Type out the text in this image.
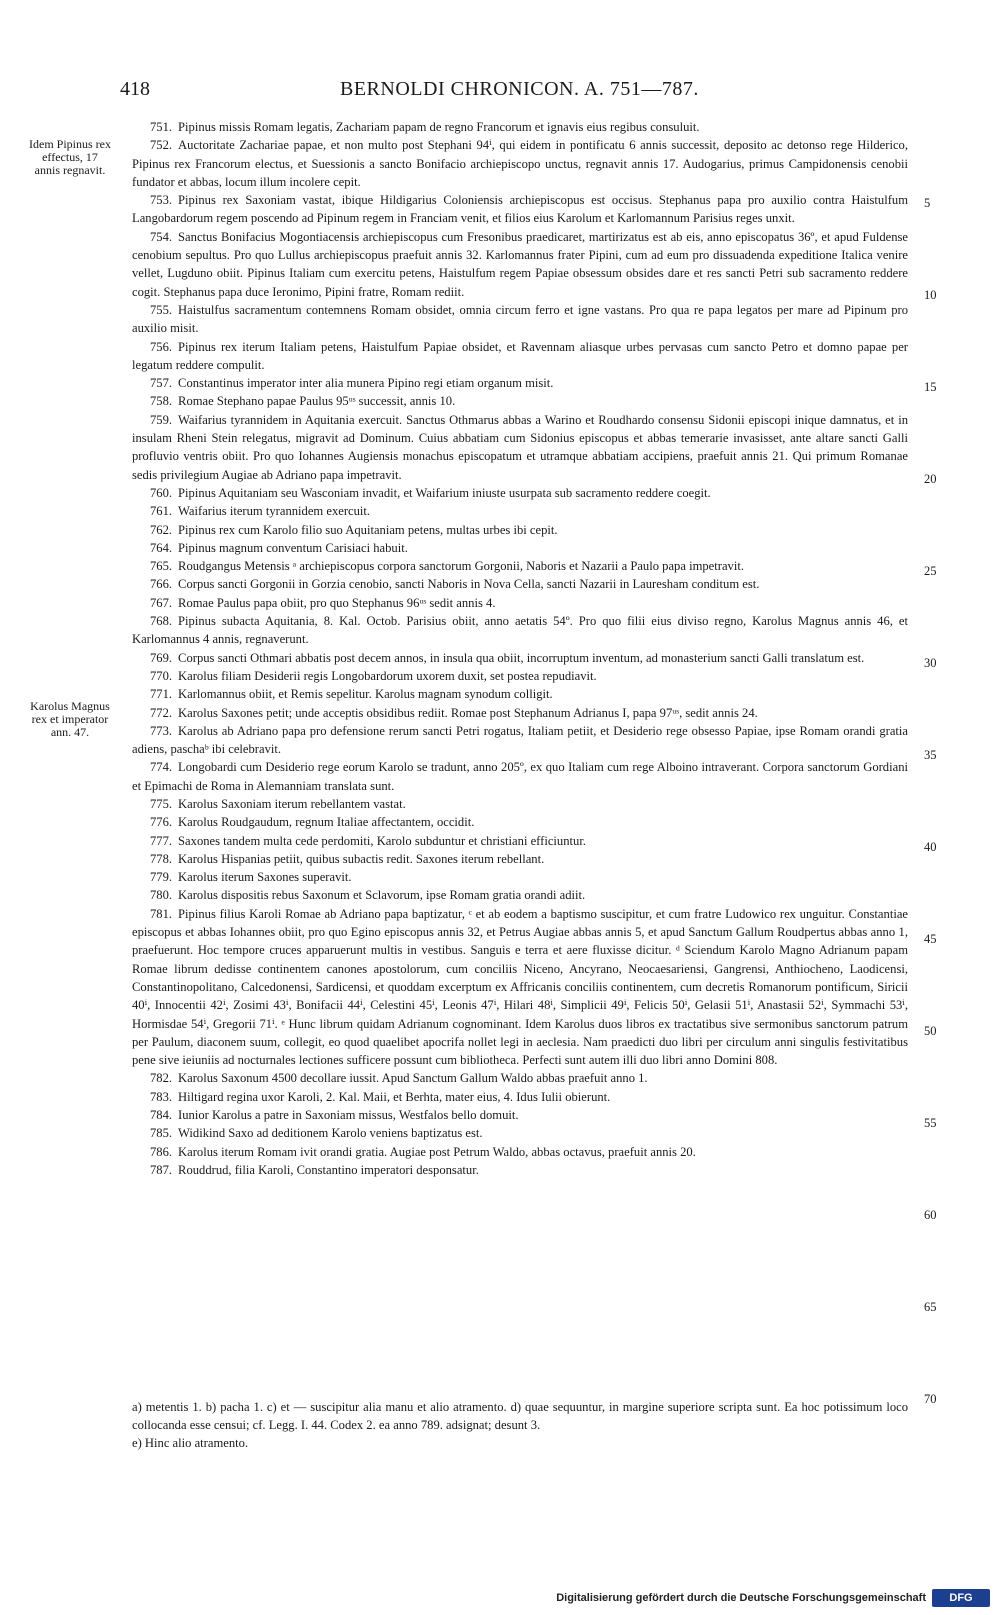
418	BERNOLDI CHRONICON. A. 751—787.
Idem Pipinus rex effectus, 17 annis regnavit.
Karolus Magnus rex et imperator ann. 47.
5
10
15
20
25
30
35
40
45
50
55
60
65
70

751. Pipinus missis Romam legatis, Zachariam papam de regno Francorum et ignavis eius regibus consuluit.

752. Auctoritate Zachariae papae, et non multo post Stephani 94ⁱ, qui eidem in pontificatu 6 annis successit, deposito ac detonso rege Hilderico, Pipinus rex Francorum electus, et Suessionis a sancto Bonifacio archiepiscopo unctus, regnavit annis 17. Audogarius, primus Campidonensis cenobii fundator et abbas, locum illum incolere cepit.

753. Pipinus rex Saxoniam vastat, ibique Hildigarius Coloniensis archiepiscopus est occisus. Stephanus papa pro auxilio contra Haistulfum Langobardorum regem poscendo ad Pipinum regem in Franciam venit, et filios eius Karolum et Karlomannum Parisius reges unxit.

754. Sanctus Bonifacius Mogontiacensis archiepiscopus cum Fresonibus praedicaret, martirizatus est ab eis, anno episcopatus 36º, et apud Fuldense cenobium sepultus. Pro quo Lullus archiepiscopus praefuit annis 32. Karlomannus frater Pipini, cum ad eum pro dissuadenda expeditione Italica venire vellet, Lugduno obiit. Pipinus Italiam cum exercitu petens, Haistulfum regem Papiae obsessum obsides dare et res sancti Petri sub sacramento reddere cogit. Stephanus papa duce Ieronimo, Pipini fratre, Romam rediit.

755. Haistulfus sacramentum contemnens Romam obsidet, omnia circum ferro et igne vastans. Pro qua re papa legatos per mare ad Pipinum pro auxilio misit.

756. Pipinus rex iterum Italiam petens, Haistulfum Papiae obsidet, et Ravennam aliasque urbes pervasas cum sancto Petro et domno papae per legatum reddere compulit.

757. Constantinus imperator inter alia munera Pipino regi etiam organum misit.

758. Romae Stephano papae Paulus 95ᵘˢ successit, annis 10.

759. Waifarius tyrannidem in Aquitania exercuit. Sanctus Othmarus abbas a Warino et Roudhardo consensu Sidonii episcopi inique damnatus, et in insulam Rheni Stein relegatus, migravit ad Dominum. Cuius abbatiam cum Sidonius episcopus et abbas temerarie invasisset, ante altare sancti Galli profluvio ventris obiit. Pro quo Iohannes Augiensis monachus episcopatum et utramque abbatiam accipiens, praefuit annis 21. Qui primum Romanae sedis privilegium Augiae ab Adriano papa impetravit.

760. Pipinus Aquitaniam seu Wasconiam invadit, et Waifarium iniuste usurpata sub sacramento reddere coegit.

761. Waifarius iterum tyrannidem exercuit.

762. Pipinus rex cum Karolo filio suo Aquitaniam petens, multas urbes ibi cepit.

764. Pipinus magnum conventum Carisiaci habuit.

765. Roudgangus Metensis ᵃ archiepiscopus corpora sanctorum Gorgonii, Naboris et Nazarii a Paulo papa impetravit.

766. Corpus sancti Gorgonii in Gorzia cenobio, sancti Naboris in Nova Cella, sancti Nazarii in Lauresham conditum est.

767. Romae Paulus papa obiit, pro quo Stephanus 96ᵘˢ sedit annis 4.

768. Pipinus subacta Aquitania, 8. Kal. Octob. Parisius obiit, anno aetatis 54º. Pro quo filii eius diviso regno, Karolus Magnus annis 46, et Karlomannus 4 annis, regnaverunt.

769. Corpus sancti Othmari abbatis post decem annos, in insula qua obiit, incorruptum inventum, ad monasterium sancti Galli translatum est.

770. Karolus filiam Desiderii regis Longobardorum uxorem duxit, set postea repudiavit.

771. Karlomannus obiit, et Remis sepelitur. Karolus magnam synodum colligit.

772. Karolus Saxones petit; unde acceptis obsidibus rediit. Romae post Stephanum Adrianus I, papa 97ᵘˢ, sedit annis 24.

773. Karolus ab Adriano papa pro defensione rerum sancti Petri rogatus, Italiam petiit, et Desiderio rege obsesso Papiae, ipse Romam orandi gratia adiens, paschaᵇ ibi celebravit.

774. Longobardi cum Desiderio rege eorum Karolo se tradunt, anno 205º, ex quo Italiam cum rege Alboino intraverant. Corpora sanctorum Gordiani et Epimachi de Roma in Alemanniam translata sunt.

775. Karolus Saxoniam iterum rebellantem vastat.

776. Karolus Roudgaudum, regnum Italiae affectantem, occidit.

777. Saxones tandem multa cede perdomiti, Karolo subduntur et christiani efficiuntur.

778. Karolus Hispanias petiit, quibus subactis redit. Saxones iterum rebellant.

779. Karolus iterum Saxones superavit.

780. Karolus dispositis rebus Saxonum et Sclavorum, ipse Romam gratia orandi adiit.

781. Pipinus filius Karoli Romae ab Adriano papa baptizatur, ᶜ et ab eodem a baptismo suscipitur, et cum fratre Ludowico rex unguitur. Constantiae episcopus et abbas Iohannes obiit, pro quo Egino episcopus annis 32, et Petrus Augiae abbas annis 5, et apud Sanctum Gallum Roudpertus abbas anno 1, praefuerunt. Hoc tempore cruces apparuerunt multis in vestibus. Sanguis e terra et aere fluxisse dicitur. ᵈ Sciendum Karolo Magno Adrianum papam Romae librum dedisse continentem canones apostolorum, cum conciliis Niceno, Ancyrano, Neocaesariensi, Gangrensi, Anthiocheno, Laodicensi, Constantinopolitano, Calcedonensi, Sardicensi, et quoddam excerptum ex Affricanis conciliis continentem, cum decretis Romanorum pontificum, Siricii 40ⁱ, Innocentii 42ⁱ, Zosimi 43ⁱ, Bonifacii 44ⁱ, Celestini 45ⁱ, Leonis 47ⁱ, Hilari 48ⁱ, Simplicii 49ⁱ, Felicis 50ⁱ, Gelasii 51ⁱ, Anastasii 52ⁱ, Symmachi 53ⁱ, Hormisdae 54ⁱ, Gregorii 71ⁱ. ᵉ Hunc librum quidam Adrianum cognominant. Idem Karolus duos libros ex tractatibus sive sermonibus sanctorum patrum per Paulum, diaconem suum, collegit, eo quod quaelibet apocrifa nollet legi in aeclesia. Nam praedicti duo libri per circulum anni singulis festivitatibus pene sive ieiuniis ad nocturnales lectiones sufficere possunt cum bibliotheca. Perfecti sunt autem illi duo libri anno Domini 808.

782. Karolus Saxonum 4500 decollare iussit. Apud Sanctum Gallum Waldo abbas praefuit anno 1.

783. Hiltigard regina uxor Karoli, 2. Kal. Maii, et Berhta, mater eius, 4. Idus Iulii obierunt.

784. Iunior Karolus a patre in Saxoniam missus, Westfalos bello domuit.

785. Widikind Saxo ad deditionem Karolo veniens baptizatus est.

786. Karolus iterum Romam ivit orandi gratia. Augiae post Petrum Waldo, abbas octavus, praefuit annis 20.

787. Rouddrud, filia Karoli, Constantino imperatori desponsatur.

a) metentis 1. b) pacha 1. c) et — suscipitur alia manu et alio atramento. d) quae sequuntur, in margine superiore scripta sunt. Ea hoc potissimum loco collocanda esse censui; cf. Legg. I. 44. Codex 2. ea anno 789. adsignat; desunt 3.

e) Hinc alio atramento.

Digitalisierung gefördert durch die Deutsche Forschungsgemeinschaft	DFG
